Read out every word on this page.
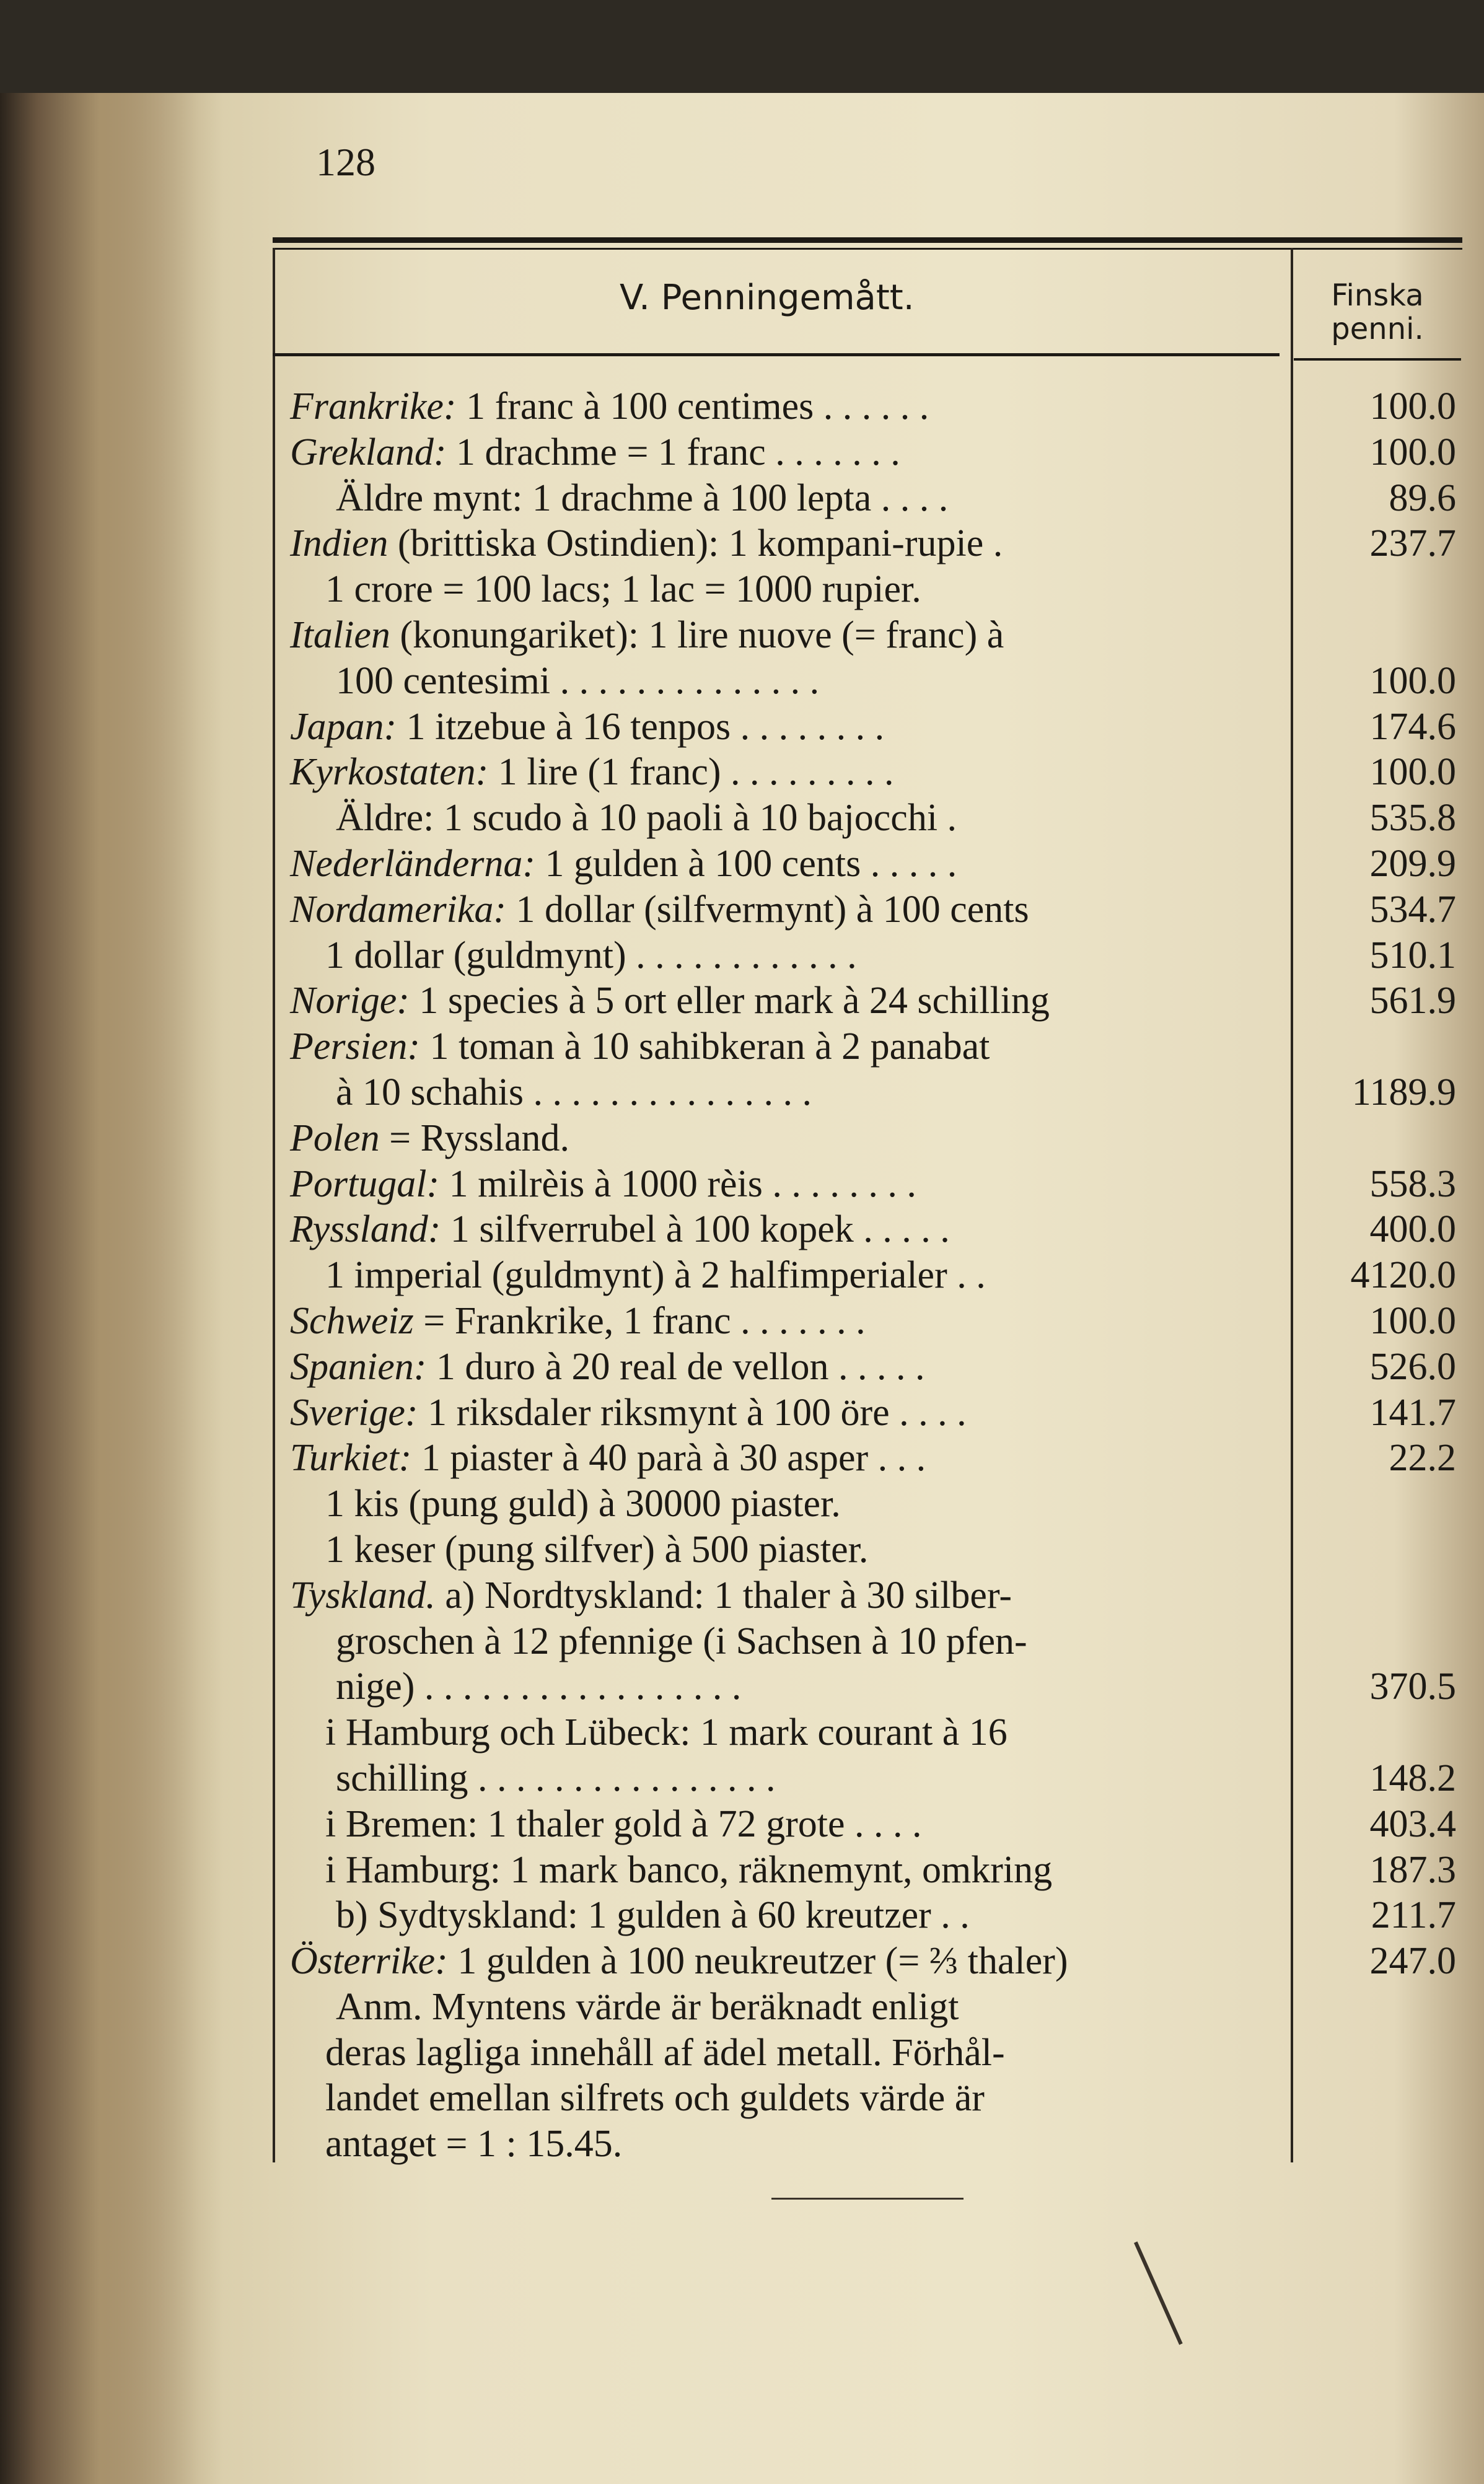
128
V. Penningemått.	Finska penni.
Frankrike: 1 franc à 100 centimes . . . . . .	100.0
Grekland: 1 drachme = 1 franc . . . . . . .	100.0
Äldre mynt: 1 drachme à 100 lepta . . . .	89.6
Indien (brittiska Ostindien): 1 kompani-rupie .	237.7
1 crore = 100 lacs; 1 lac = 1000 rupier.
Italien (konungariket): 1 lire nuove (= franc) à
100 centesimi . . . . . . . . . . . . . .	100.0
Japan: 1 itzebue à 16 tenpos . . . . . . . .	174.6
Kyrkostaten: 1 lire (1 franc) . . . . . . . . .	100.0
Äldre: 1 scudo à 10 paoli à 10 bajocchi .	535.8
Nederländerna: 1 gulden à 100 cents . . . . .	209.9
Nordamerika: 1 dollar (silfvermynt) à 100 cents	534.7
1 dollar (guldmynt) . . . . . . . . . . . .	510.1
Norige: 1 species à 5 ort eller mark à 24 schilling	561.9
Persien: 1 toman à 10 sahibkeran à 2 panabat
à 10 schahis . . . . . . . . . . . . . . .	1189.9
Polen = Ryssland.
Portugal: 1 milrèis à 1000 rèis . . . . . . . .	558.3
Ryssland: 1 silfverrubel à 100 kopek . . . . .	400.0
1 imperial (guldmynt) à 2 halfimperialer . .	4120.0
Schweiz = Frankrike, 1 franc . . . . . . .	100.0
Spanien: 1 duro à 20 real de vellon . . . . .	526.0
Sverige: 1 riksdaler riksmynt à 100 öre . . . .	141.7
Turkiet: 1 piaster à 40 parà à 30 asper . . .	22.2
1 kis (pung guld) à 30000 piaster.
1 keser (pung silfver) à 500 piaster.
Tyskland. a) Nordtyskland: 1 thaler à 30 silber-
groschen à 12 pfennige (i Sachsen à 10 pfen-
nige) . . . . . . . . . . . . . . . . .	370.5
i Hamburg och Lübeck: 1 mark courant à 16
schilling . . . . . . . . . . . . . . . .	148.2
i Bremen: 1 thaler gold à 72 grote . . . .	403.4
i Hamburg: 1 mark banco, räknemynt, omkring	187.3
b) Sydtyskland: 1 gulden à 60 kreutzer . .	211.7
Österrike: 1 gulden à 100 neukreutzer (= ⅔ thaler)	247.0
Anm. Myntens värde är beräknadt enligt
deras lagliga innehåll af ädel metall. Förhål-
landet emellan silfrets och guldets värde är
antaget = 1 : 15.45.
